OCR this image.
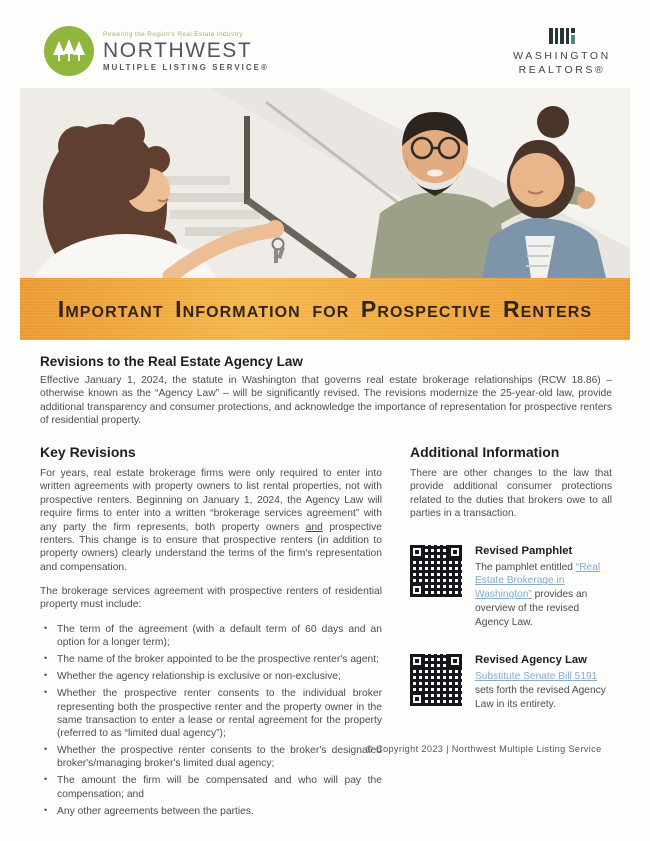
Powering the Region's Real Estate Industry
NORTHWEST
MULTIPLE LISTING SERVICE®
WASHINGTON
REALTORS®
Important Information for Prospective Renters
Revisions to the Real Estate Agency Law

Effective January 1, 2024, the statute in Washington that governs real estate brokerage relationships (RCW 18.86) – otherwise known as the “Agency Law” – will be significantly revised. The revisions modernize the 25-year-old law, provide additional transparency and consumer protections, and acknowledge the importance of representation for prospective renters of residential property.

Key Revisions

For years, real estate brokerage firms were only required to enter into written agreements with property owners to list rental properties, not with prospective renters. Beginning on January 1, 2024, the Agency Law will require firms to enter into a written “brokerage services agreement” with any party the firm represents, both property owners and prospective renters. This change is to ensure that prospective renters (in addition to property owners) clearly understand the terms of the firm's representation and compensation.

The brokerage services agreement with prospective renters of residential property must include:

• The term of the agreement (with a default term of 60 days and an option for a longer term);
• The name of the broker appointed to be the prospective renter's agent;
• Whether the agency relationship is exclusive or non-exclusive;
• Whether the prospective renter consents to the individual broker representing both the prospective renter and the property owner in the same transaction to enter a lease or rental agreement for the property (referred to as “limited dual agency”);
• Whether the prospective renter consents to the broker's designated broker's/managing broker's limited dual agency;
• The amount the firm will be compensated and who will pay the compensation; and
• Any other agreements between the parties.
Additional Information

There are other changes to the law that provide additional consumer protections related to the duties that brokers owe to all parties in a transaction.

Revised Pamphlet

The pamphlet entitled “Real Estate Brokerage in Washington” provides an overview of the revised Agency Law.

Revised Agency Law

Substitute Senate Bill 5191 sets forth the revised Agency Law in its entirety.

© Copyright 2023 | Northwest Multiple Listing Service
